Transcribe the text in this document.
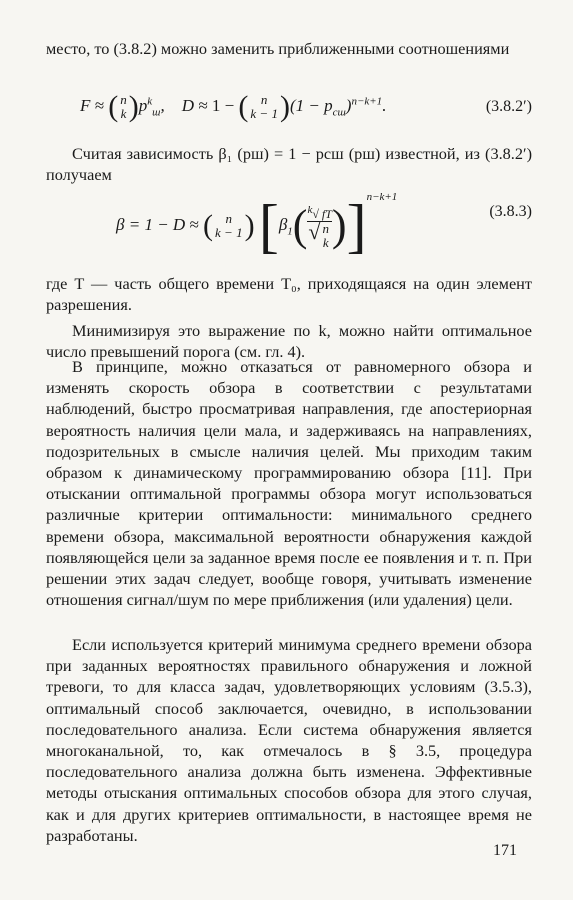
место, то (3.8.2) можно заменить приближенными соотношениями
F ≈ ( n
$k)p^k_ш$, D ≈ 1 − ( n
$k - 1)(1 - p_{сш})^{n-k+1}$.	(3.8.2′)
Считая зависимость β₁ (pш) = 1 − pсш (pш) известной, из (3.8.2′) получаем
β = 1 − D ≈ ( n
k − 1) [$\beta_1(k√$ fT

√ n
k)]$^{n-k+1}$
(3.8.3)
где T — часть общего времени T₀, приходящаяся на один элемент разрешения.
Минимизируя это выражение по k, можно найти оптимальное число превышений порога (см. гл. 4).
В принципе, можно отказаться от равномерного обзора и изменять скорость обзора в соответствии с результатами наблюдений, быстро просматривая направления, где апостериорная вероятность наличия цели мала, и задерживаясь на направлениях, подозрительных в смысле наличия целей. Мы приходим таким образом к динамическому программированию обзора [11]. При отыскании оптимальной программы обзора могут использоваться различные критерии оптимальности: минимального среднего времени обзора, максимальной вероятности обнаружения каждой появляющейся цели за заданное время после ее появления и т. п. При решении этих задач следует, вообще говоря, учитывать изменение отношения сигнал/шум по мере приближения (или удаления) цели.
Если используется критерий минимума среднего времени обзора при заданных вероятностях правильного обнаружения и ложной тревоги, то для класса задач, удовлетворяющих условиям (3.5.3), оптимальный способ заключается, очевидно, в использовании последовательного анализа. Если система обнаружения является многоканальной, то, как отмечалось в § 3.5, процедура последовательного анализа должна быть изменена. Эффективные методы отыскания оптимальных способов обзора для этого случая, как и для других критериев оптимальности, в настоящее время не разработаны.
171
